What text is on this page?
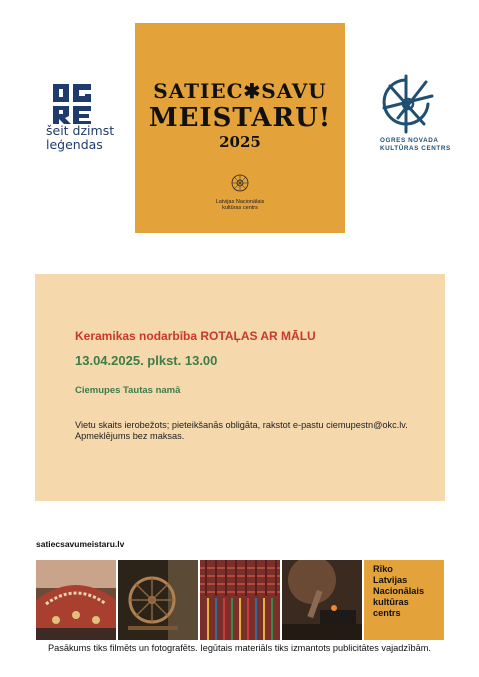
šeit dzimst
leģendas
SATIEC✱SAVU
MEISTARU!
2025
Latvijas Nacionālais
kultūras centrs
OGRES NOVADA
KULTŪRAS CENTRS
Keramikas nodarbība ROTAĻAS AR MĀLU
13.04.2025. plkst. 13.00
Ciemupes Tautas namā
Vietu skaits ierobežots; pieteikšanās obligāta, rakstot e-pastu ciemupestn@okc.lv.
Apmeklējums bez maksas.
satiecsavumeistaru.lv
Rīko
Latvijas
Nacionālais
kultūras
centrs
Pasākums tiks filmēts un fotografēts. Iegūtais materiāls tiks izmantots publicitātes vajadzībām.
